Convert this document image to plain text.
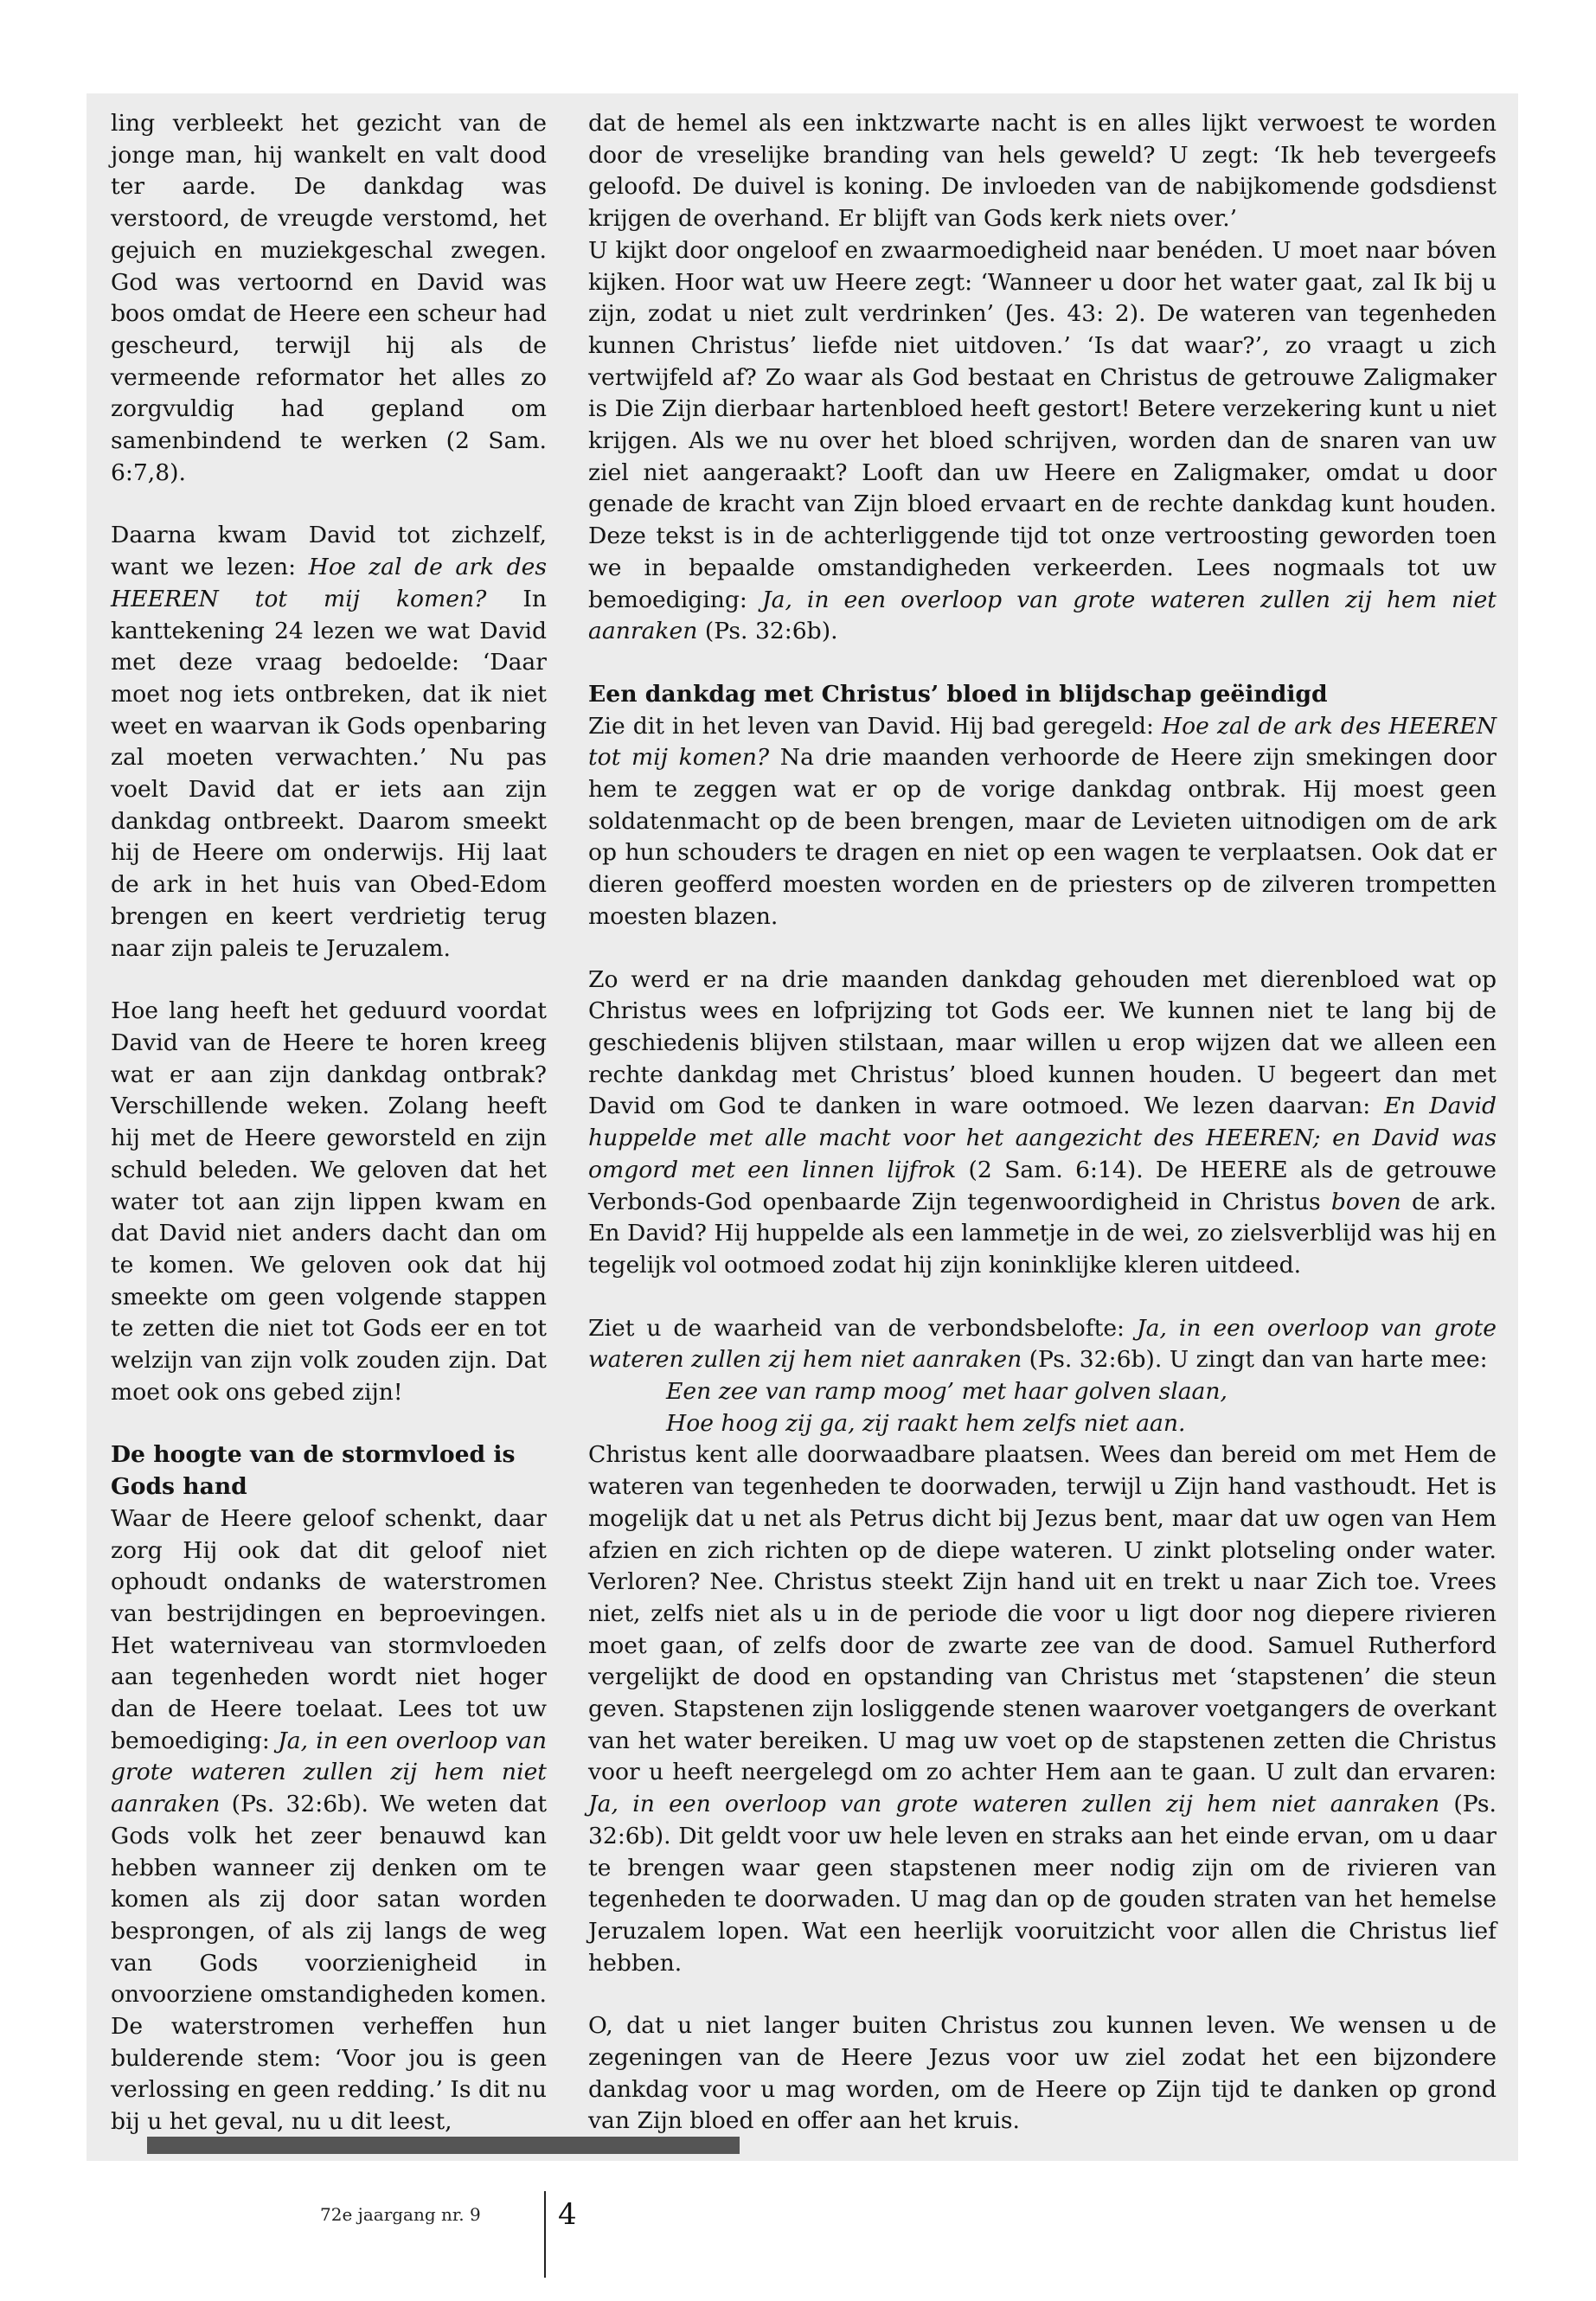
ling verbleekt het gezicht van de jonge man, hij wankelt en valt dood ter aarde. De dankdag was verstoord, de vreugde verstomd, het gejuich en muziekgeschal zwegen. God was vertoornd en David was boos omdat de Heere een scheur had gescheurd, terwijl hij als de vermeende reformator het alles zo zorgvuldig had gepland om samenbindend te werken (2 Sam. 6:7,8).

Daarna kwam David tot zichzelf, want we lezen: Hoe zal de ark des HEEREN tot mij komen? In kanttekening 24 lezen we wat David met deze vraag bedoelde: ‘Daar moet nog iets ontbreken, dat ik niet weet en waarvan ik Gods openbaring zal moeten verwachten.’ Nu pas voelt David dat er iets aan zijn dankdag ontbreekt. Daarom smeekt hij de Heere om onderwijs. Hij laat de ark in het huis van Obed-Edom brengen en keert verdrietig terug naar zijn paleis te Jeruzalem.

Hoe lang heeft het geduurd voordat David van de Heere te horen kreeg wat er aan zijn dankdag ontbrak? Verschillende weken. Zolang heeft hij met de Heere geworsteld en zijn schuld beleden. We geloven dat het water tot aan zijn lippen kwam en dat David niet anders dacht dan om te komen. We geloven ook dat hij smeekte om geen volgende stappen te zetten die niet tot Gods eer en tot welzijn van zijn volk zouden zijn. Dat moet ook ons gebed zijn!

De hoogte van de stormvloed is Gods hand

Waar de Heere geloof schenkt, daar zorg Hij ook dat dit geloof niet ophoudt ondanks de waterstromen van bestrijdingen en beproevingen. Het waterniveau van stormvloeden aan tegenheden wordt niet hoger dan de Heere toelaat. Lees tot uw bemoediging: Ja, in een overloop van grote wateren zullen zij hem niet aanraken (Ps. 32:6b). We weten dat Gods volk het zeer benauwd kan hebben wanneer zij denken om te komen als zij door satan worden besprongen, of als zij langs de weg van Gods voorzienigheid in onvoorziene omstandigheden komen. De waterstromen verheffen hun bulderende stem: ‘Voor jou is geen verlossing en geen redding.’ Is dit nu bij u het geval, nu u dit leest,

dat de hemel als een inktzwarte nacht is en alles lijkt verwoest te worden door de vreselijke branding van hels geweld? U zegt: ‘Ik heb tevergeefs geloofd. De duivel is koning. De invloeden van de nabijkomende godsdienst krijgen de overhand. Er blijft van Gods kerk niets over.’

U kijkt door ongeloof en zwaarmoedigheid naar benéden. U moet naar bóven kijken. Hoor wat uw Heere zegt: ‘Wanneer u door het water gaat, zal Ik bij u zijn, zodat u niet zult verdrinken’ (Jes. 43: 2). De wateren van tegenheden kunnen Christus’ liefde niet uitdoven.’ ‘Is dat waar?’, zo vraagt u zich vertwijfeld af? Zo waar als God bestaat en Christus de getrouwe Zaligmaker is Die Zijn dierbaar hartenbloed heeft gestort! Betere verzekering kunt u niet krijgen. Als we nu over het bloed schrijven, worden dan de snaren van uw ziel niet aangeraakt? Looft dan uw Heere en Zaligmaker, omdat u door genade de kracht van Zijn bloed ervaart en de rechte dankdag kunt houden. Deze tekst is in de achterliggende tijd tot onze vertroosting geworden toen we in bepaalde omstandigheden verkeerden. Lees nogmaals tot uw bemoediging: Ja, in een overloop van grote wateren zullen zij hem niet aanraken (Ps. 32:6b).

Een dankdag met Christus’ bloed in blijdschap geëindigd

Zie dit in het leven van David. Hij bad geregeld: Hoe zal de ark des HEEREN tot mij komen? Na drie maanden verhoorde de Heere zijn smekingen door hem te zeggen wat er op de vorige dankdag ontbrak. Hij moest geen soldatenmacht op de been brengen, maar de Levieten uitnodigen om de ark op hun schouders te dragen en niet op een wagen te verplaatsen. Ook dat er dieren geofferd moesten worden en de priesters op de zilveren trompetten moesten blazen.

Zo werd er na drie maanden dankdag gehouden met dierenbloed wat op Christus wees en lofprijzing tot Gods eer. We kunnen niet te lang bij de geschiedenis blijven stilstaan, maar willen u erop wijzen dat we alleen een rechte dankdag met Christus’ bloed kunnen houden. U begeert dan met David om God te danken in ware ootmoed. We lezen daarvan: En David huppelde met alle macht voor het aangezicht des HEEREN; en David was omgord met een linnen lijfrok (2 Sam. 6:14). De HEERE als de getrouwe Verbonds-God openbaarde Zijn tegenwoordigheid in Christus boven de ark. En David? Hij huppelde als een lammetje in de wei, zo zielsverblijd was hij en tegelijk vol ootmoed zodat hij zijn koninklijke kleren uitdeed.

Ziet u de waarheid van de verbondsbelofte: Ja, in een overloop van grote wateren zullen zij hem niet aanraken (Ps. 32:6b). U zingt dan van harte mee:

Een zee van ramp moog’ met haar golven slaan,

Hoe hoog zij ga, zij raakt hem zelfs niet aan.

Christus kent alle doorwaadbare plaatsen. Wees dan bereid om met Hem de wateren van tegenheden te doorwaden, terwijl u Zijn hand vasthoudt. Het is mogelijk dat u net als Petrus dicht bij Jezus bent, maar dat uw ogen van Hem afzien en zich richten op de diepe wateren. U zinkt plotseling onder water. Verloren? Nee. Christus steekt Zijn hand uit en trekt u naar Zich toe. Vrees niet, zelfs niet als u in de periode die voor u ligt door nog diepere rivieren moet gaan, of zelfs door de zwarte zee van de dood. Samuel Rutherford vergelijkt de dood en opstanding van Christus met ‘stapstenen’ die steun geven. Stapstenen zijn losliggende stenen waarover voetgangers de overkant van het water bereiken. U mag uw voet op de stapstenen zetten die Christus voor u heeft neergelegd om zo achter Hem aan te gaan. U zult dan ervaren: Ja, in een overloop van grote wateren zullen zij hem niet aanraken (Ps. 32:6b). Dit geldt voor uw hele leven en straks aan het einde ervan, om u daar te brengen waar geen stapstenen meer nodig zijn om de rivieren van tegenheden te doorwaden. U mag dan op de gouden straten van het hemelse Jeruzalem lopen. Wat een heerlijk vooruitzicht voor allen die Christus lief hebben.

O, dat u niet langer buiten Christus zou kunnen leven. We wensen u de zegeningen van de Heere Jezus voor uw ziel zodat het een bijzondere dankdag voor u mag worden, om de Heere op Zijn tijd te danken op grond van Zijn bloed en offer aan het kruis.

72e jaargang nr. 9	4
